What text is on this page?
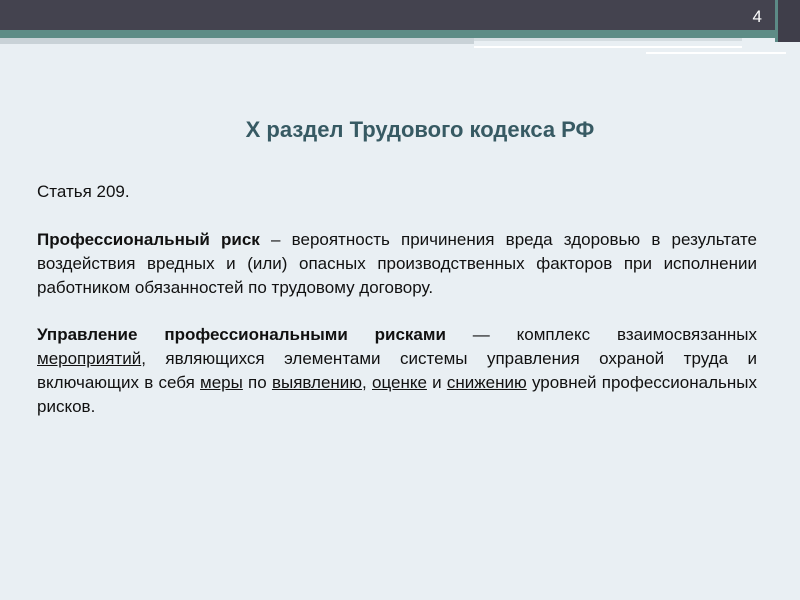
4
Х раздел Трудового кодекса РФ
Статья 209.
Профессиональный риск – вероятность причинения вреда здоровью в результате воздействия вредных и (или) опасных производственных факторов при исполнении работником обязанностей по трудовому договору.
Управление профессиональными рисками — комплекс взаимосвязанных мероприятий, являющихся элементами системы управления охраной труда и включающих в себя меры по выявлению, оценке и снижению уровней профессиональных рисков.
